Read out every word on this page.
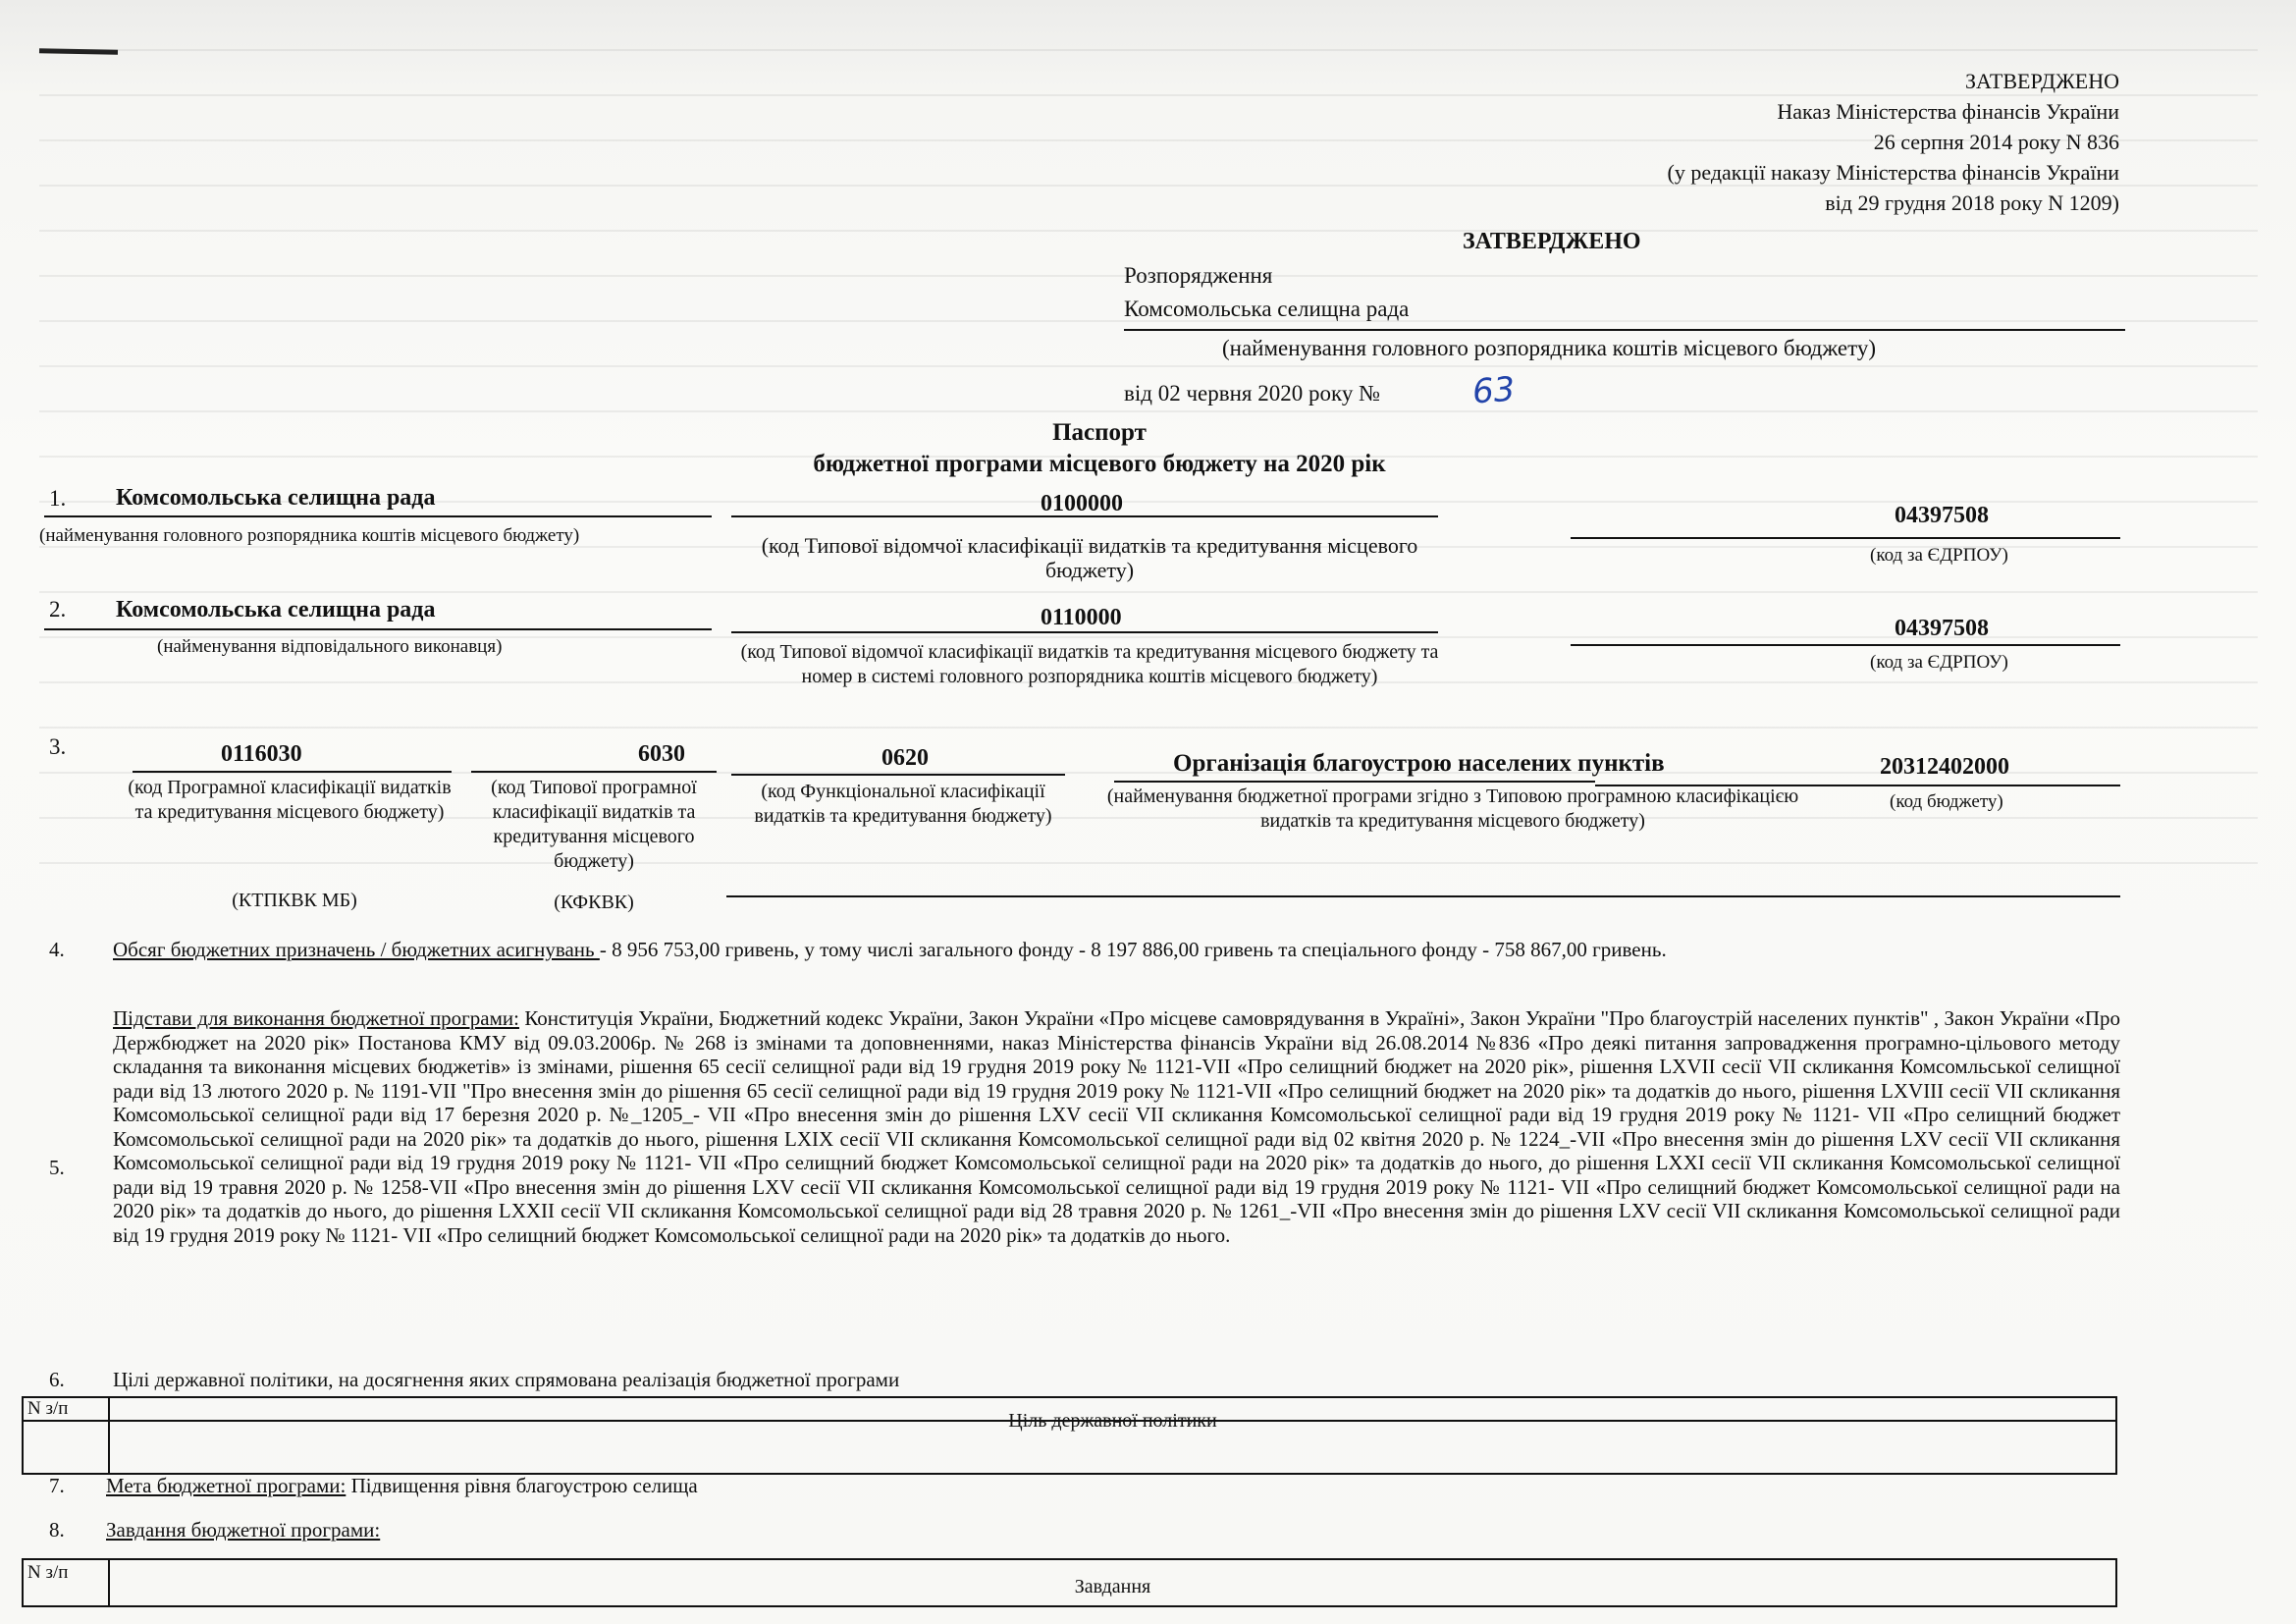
ЗАТВЕРДЖЕНО
Наказ Міністерства фінансів України
26 серпня 2014 року N 836
(у редакції наказу Міністерства фінансів України
від 29 грудня 2018 року N 1209)
ЗАТВЕРДЖЕНО
Розпорядження
Комсомольська селищна рада
(найменування головного розпорядника коштів місцевого бюджету)
від 02 червня 2020 року №	63
Паспорт
бюджетної програми місцевого бюджету на 2020 рік
1. Комсомольська селищна рада
(найменування головного розпорядника коштів місцевого бюджету)
0100000
(код Типової відомчої класифікації видатків та кредитування місцевого бюджету)
04397508
(код за ЄДРПОУ)
2. Комсомольська селищна рада
(найменування відповідального виконавця)
0110000
(код Типової відомчої класифікації видатків та кредитування місцевого бюджету та номер в системі головного розпорядника коштів місцевого бюджету)
04397508
(код за ЄДРПОУ)
3.	0116030
(код Програмної класифікації видатків та кредитування місцевого бюджету)
(КТПКВК МБ)
6030
(код Типової програмної класифікації видатків та кредитування місцевого бюджету)
(КФКВК)
0620
(код Функціональної класифікації видатків та кредитування бюджету)
Організація благоустрою населених пунктів
(найменування бюджетної програми згідно з Типовою програмною класифікацією видатків та кредитування місцевого бюджету)
20312402000
(код бюджету)
4. Обсяг бюджетних призначень / бюджетних асигнувань - 8 956 753,00 гривень, у тому числі загального фонду - 8 197 886,00 гривень та спеціального фонду - 758 867,00 гривень.
5.
Підстави для виконання бюджетної програми: Конституція України, Бюджетний кодекс України, Закон України «Про місцеве самоврядування в Україні», Закон України "Про благоустрій населених пунктів" , Закон України «Про Держбюджет на 2020 рік» Постанова КМУ від 09.03.2006р. № 268 із змінами та доповненнями, наказ Міністерства фінансів України від 26.08.2014 №836 «Про деякі питання запровадження програмно-цільового методу складання та виконання місцевих бюджетів» із змінами, рішення 65 сесії селищної ради від 19 грудня 2019 року № 1121-VII «Про селищний бюджет на 2020 рік», рішення LXVII сесії VII скликання Комсомльської селищної ради від 13 лютого 2020 р. № 1191-VII "Про внесення змін до рішення 65 сесії селищної ради від 19 грудня 2019 року № 1121-VII «Про селищний бюджет на 2020 рік» та додатків до нього, рішення LXVIII сесії VII скликання Комсомольської селищної ради від 17 березня 2020 р. №_1205_- VII «Про внесення змін до рішення LXV сесії VII скликання Комсомольської селищної ради від 19 грудня 2019 року № 1121- VII «Про селищний бюджет Комсомольської селищної ради на 2020 рік» та додатків до нього, рішення LXIX сесії VII скликання Комсомольської селищної ради від 02 квітня 2020 р. № 1224_-VII «Про внесення змін до рішення LXV сесії VII скликання Комсомольської селищної ради від 19 грудня 2019 року № 1121- VII «Про селищний бюджет Комсомольської селищної ради на 2020 рік» та додатків до нього, до рішення LXXI сесії VII скликання Комсомольської селищної ради від 19 травня 2020 р. № 1258-VII «Про внесення змін до рішення LXV сесії VII скликання Комсомольської селищної ради від 19 грудня 2019 року № 1121- VII «Про селищний бюджет Комсомольської селищної ради на 2020 рік» та додатків до нього, до рішення LXXII сесії VII скликання Комсомольської селищної ради від 28 травня 2020 р. № 1261_-VII «Про внесення змін до рішення LXV сесії VII скликання Комсомольської селищної ради від 19 грудня 2019 року № 1121- VII «Про селищний бюджет Комсомольської селищної ради на 2020 рік» та додатків до нього.
6. Цілі державної політики, на досягнення яких спрямована реалізація бюджетної програми
N з/п
Ціль державної політики
7. Мета бюджетної програми: Підвищення рівня благоустрою селища
8. Завдання бюджетної програми:
N з/п
Завдання
